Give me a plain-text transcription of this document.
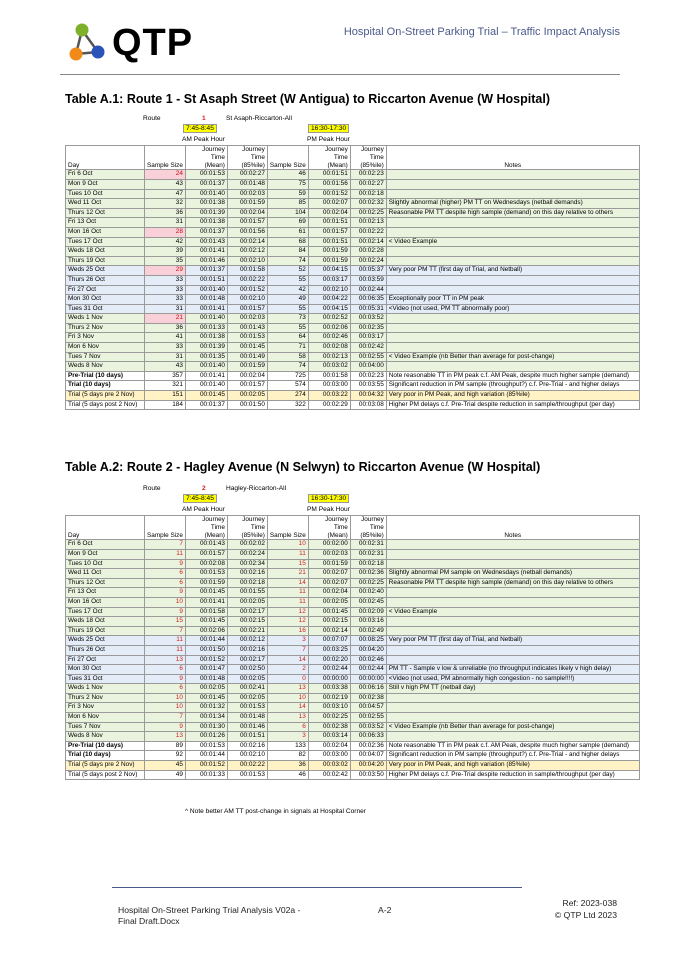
QTP	Hospital On-Street Parking Trial – Traffic Impact Analysis
Table A.1: Route 1 - St Asaph Street (W Antigua) to Riccarton Avenue (W Hospital)
Route	1	St Asaph-Riccarton-All
7:45-8:45	16:30-17:30
AM Peak Hour	PM Peak Hour
Day	Sample Size	Journey
Time
(Mean)	Journey
Time
(85%ile)	Sample Size	Journey
Time
(Mean)	Journey
Time
(85%ile)	Notes
Fri 6 Oct	24	00:01:53	00:02:27	46	00:01:51	00:02:23	
Mon 9 Oct	43	00:01:37	00:01:48	75	00:01:56	00:02:27	
Tues 10 Oct	47	00:01:40	00:02:03	59	00:01:52	00:02:18	
Wed 11 Oct	32	00:01:38	00:01:59	85	00:02:07	00:02:32	Slightly abnormal (higher) PM TT on Wednesdays (netball demands)
Thurs 12 Oct	36	00:01:39	00:02:04	104	00:02:04	00:02:25	Reasonable PM TT despite high sample (demand) on this day relative to others
Fri 13 Oct	31	00:01:38	00:01:57	69	00:01:51	00:02:13	
Mon 16 Oct	28	00:01:37	00:01:56	61	00:01:57	00:02:22	
Tues 17 Oct	42	00:01:43	00:02:14	68	00:01:51	00:02:14	< Video Example
Weds 18 Oct	39	00:01:41	00:02:12	84	00:01:59	00:02:28	
Thurs 19 Oct	35	00:01:46	00:02:10	74	00:01:59	00:02:24	
Weds 25 Oct	29	00:01:37	00:01:58	52	00:04:15	00:05:37	Very poor PM TT (first day of Trial, and Netball)
Thurs 26 Oct	33	00:01:51	00:02:22	55	00:03:17	00:03:59	
Fri 27 Oct	33	00:01:40	00:01:52	42	00:02:10	00:02:44	
Mon 30 Oct	33	00:01:48	00:02:10	49	00:04:22	00:06:35	Exceptionally poor TT in PM peak
Tues 31 Oct	31	00:01:41	00:01:57	55	00:04:15	00:05:31	<Video (not used, PM TT abnormally poor)
Weds 1 Nov	21	00:01:40	00:02:03	73	00:02:52	00:03:52	
Thurs 2 Nov	36	00:01:33	00:01:43	55	00:02:06	00:02:35	
Fri 3 Nov	41	00:01:38	00:01:53	64	00:02:46	00:03:17	
Mon 6 Nov	33	00:01:39	00:01:45	71	00:02:08	00:02:42	
Tues 7 Nov	31	00:01:35	00:01:49	58	00:02:13	00:02:55	< Video Example (nb Better than average for post-change)
Weds 8 Nov	43	00:01:40	00:01:59	74	00:03:02	00:04:00	
Pre-Trial (10 days)	357	00:01:41	00:02:04	725	00:01:58	00:02:23	Note reasonable TT in PM peak c.f. AM Peak, despite much higher sample (demand)
Trial (10 days)	321	00:01:40	00:01:57	574	00:03:00	00:03:55	Significant reduction in PM sample (throughput?) c.f. Pre-Trial - and higher delays
Trial (5 days pre 2 Nov)	151	00:01:45	00:02:05	274	00:03:22	00:04:32	Very poor in PM Peak, and high variation (85%ile)
Trial (5 days post 2 Nov)	184	00:01:37	00:01:50	322	00:02:29	00:03:08	Higher PM delays c.f. Pre-Trial despite reduction in sample/throughput (per day)
Table A.2: Route 2 - Hagley Avenue (N Selwyn) to Riccarton Avenue (W Hospital)
Route	2	Hagley-Riccarton-All
7:45-8:45	16:30-17:30
AM Peak Hour	PM Peak Hour
Day	Sample Size	Journey
Time
(Mean)	Journey
Time
(85%ile)	Sample Size	Journey
Time
(Mean)	Journey
Time
(85%ile)	Notes
Fri 6 Oct	7	00:01:43	00:02:02	10	00:02:00	00:02:31	
Mon 9 Oct	11	00:01:57	00:02:24	11	00:02:03	00:02:31	
Tues 10 Oct	9	00:02:08	00:02:34	15	00:01:59	00:02:18	
Wed 11 Oct	6	00:01:53	00:02:16	21	00:02:07	00:02:36	Slightly abnormal PM sample on Wednesdays (netball demands)
Thurs 12 Oct	6	00:01:59	00:02:18	14	00:02:07	00:02:25	Reasonable PM TT despite high sample (demand) on this day relative to others
Fri 13 Oct	9	00:01:45	00:01:55	11	00:02:04	00:02:40	
Mon 16 Oct	10	00:01:41	00:02:05	11	00:02:05	00:02:45	
Tues 17 Oct	9	00:01:58	00:02:17	12	00:01:45	00:02:09	< Video Example
Weds 18 Oct	15	00:01:45	00:02:15	12	00:02:15	00:03:16	
Thurs 19 Oct	7	00:02:06	00:02:21	16	00:02:14	00:02:49	
Weds 25 Oct	11	00:01:44	00:02:12	3	00:07:07	00:08:25	Very poor PM TT (first day of Trial, and Netball)
Thurs 26 Oct	11	00:01:50	00:02:16	7	00:03:25	00:04:20	
Fri 27 Oct	13	00:01:52	00:02:17	14	00:02:20	00:02:46	
Mon 30 Oct	6	00:01:47	00:02:50	2	00:02:44	00:02:44	PM TT - Sample v low & unreliable (no throughput indicates likely v high delay)
Tues 31 Oct	9	00:01:48	00:02:05	0	00:00:00	00:00:00	<Video (not used, PM abnormally high congestion - no sample!!!!)
Weds 1 Nov	6	00:02:05	00:02:41	13	00:03:38	00:06:16	Still v high PM TT (netball day)
Thurs 2 Nov	10	00:01:45	00:02:05	10	00:02:19	00:02:38	
Fri 3 Nov	10	00:01:32	00:01:53	14	00:03:10	00:04:57	
Mon 6 Nov	7	00:01:34	00:01:48	13	00:02:25	00:02:55	
Tues 7 Nov	9	00:01:30	00:01:46	6	00:02:38	00:03:52	< Video Example (nb Better than average for post-change)
Weds 8 Nov	13	00:01:26	00:01:51	3	00:03:14	00:06:33	
Pre-Trial (10 days)	89	00:01:53	00:02:16	133	00:02:04	00:02:36	Note reasonable TT in PM peak c.f. AM Peak, despite much higher sample (demand)
Trial (10 days)	92	00:01:44	00:02:10	82	00:03:00	00:04:07	Significant reduction in PM sample (throughput?) c.f. Pre-Trial - and higher delays
Trial (5 days pre 2 Nov)	45	00:01:52	00:02:22	36	00:03:02	00:04:20	Very poor in PM Peak, and high variation (85%ile)
Trial (5 days post 2 Nov)	49	00:01:33	00:01:53	46	00:02:42	00:03:50	Higher PM delays c.f. Pre-Trial despite reduction in sample/throughput (per day)
^ Note better AM TT post-change in signals at Hospital Corner
Hospital On-Street Parking Trial Analysis V02a -
Final Draft.Docx
A-2
Ref: 2023-038
© QTP Ltd 2023
